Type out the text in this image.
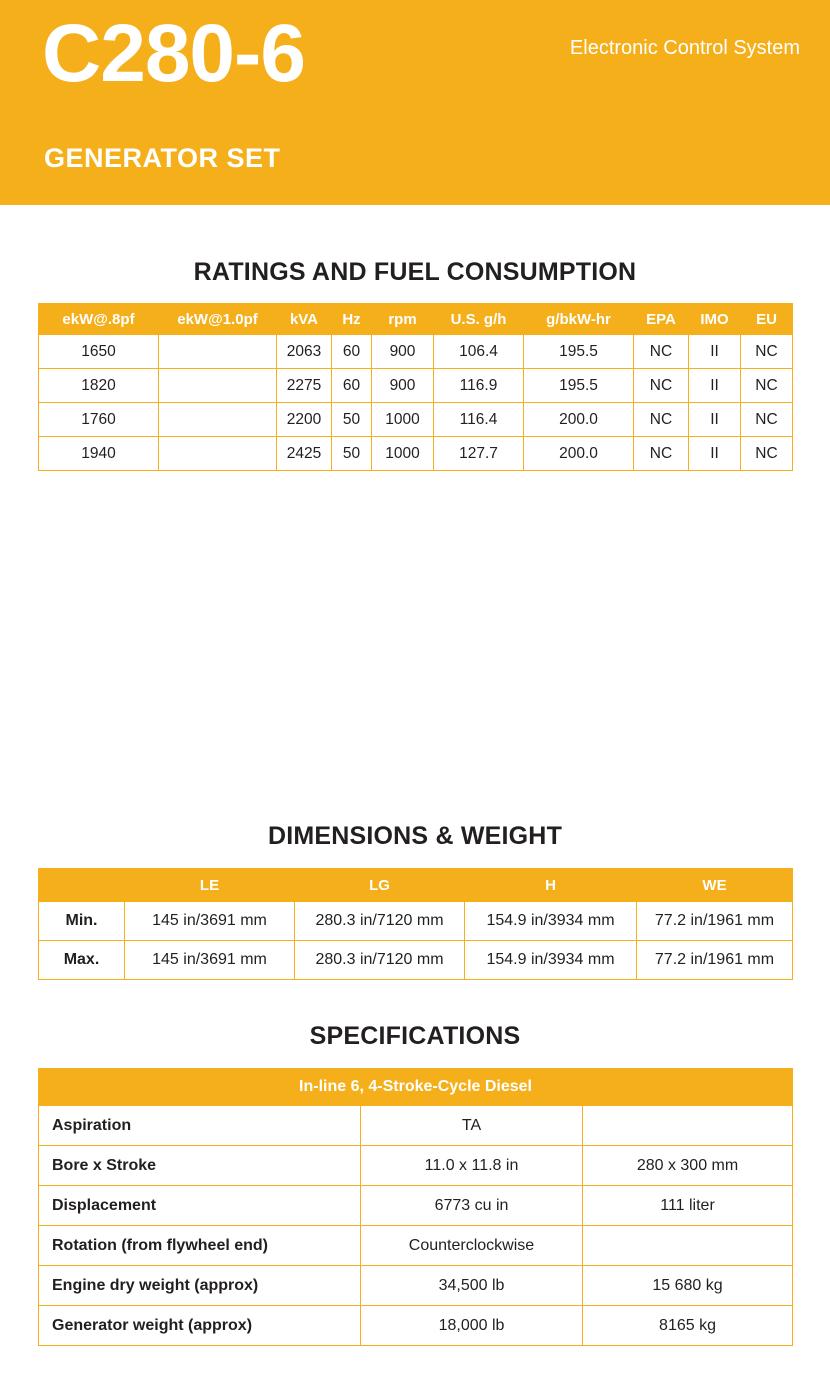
C280-6
GENERATOR SET
Electronic Control System
RATINGS AND FUEL CONSUMPTION
ekW@.8pf	ekW@1.0pf	kVA	Hz	rpm	U.S. g/h	g/bkW-hr	EPA	IMO	EU
1650		2063	60	900	106.4	195.5	NC	II	NC
1820		2275	60	900	116.9	195.5	NC	II	NC
1760		2200	50	1000	116.4	200.0	NC	II	NC
1940		2425	50	1000	127.7	200.0	NC	II	NC
DIMENSIONS & WEIGHT
	LE	LG	H	WE
Min.	145 in/3691 mm	280.3 in/7120 mm	154.9 in/3934 mm	77.2 in/1961 mm
Max.	145 in/3691 mm	280.3 in/7120 mm	154.9 in/3934 mm	77.2 in/1961 mm
SPECIFICATIONS
In-line 6, 4-Stroke-Cycle Diesel		
Aspiration	TA	
Bore x Stroke	11.0 x 11.8 in	280 x 300 mm
Displacement	6773 cu in	111 liter
Rotation (from flywheel end)	Counterclockwise	
Engine dry weight (approx)	34,500 lb	15 680 kg
Generator weight (approx)	18,000 lb	8165 kg
